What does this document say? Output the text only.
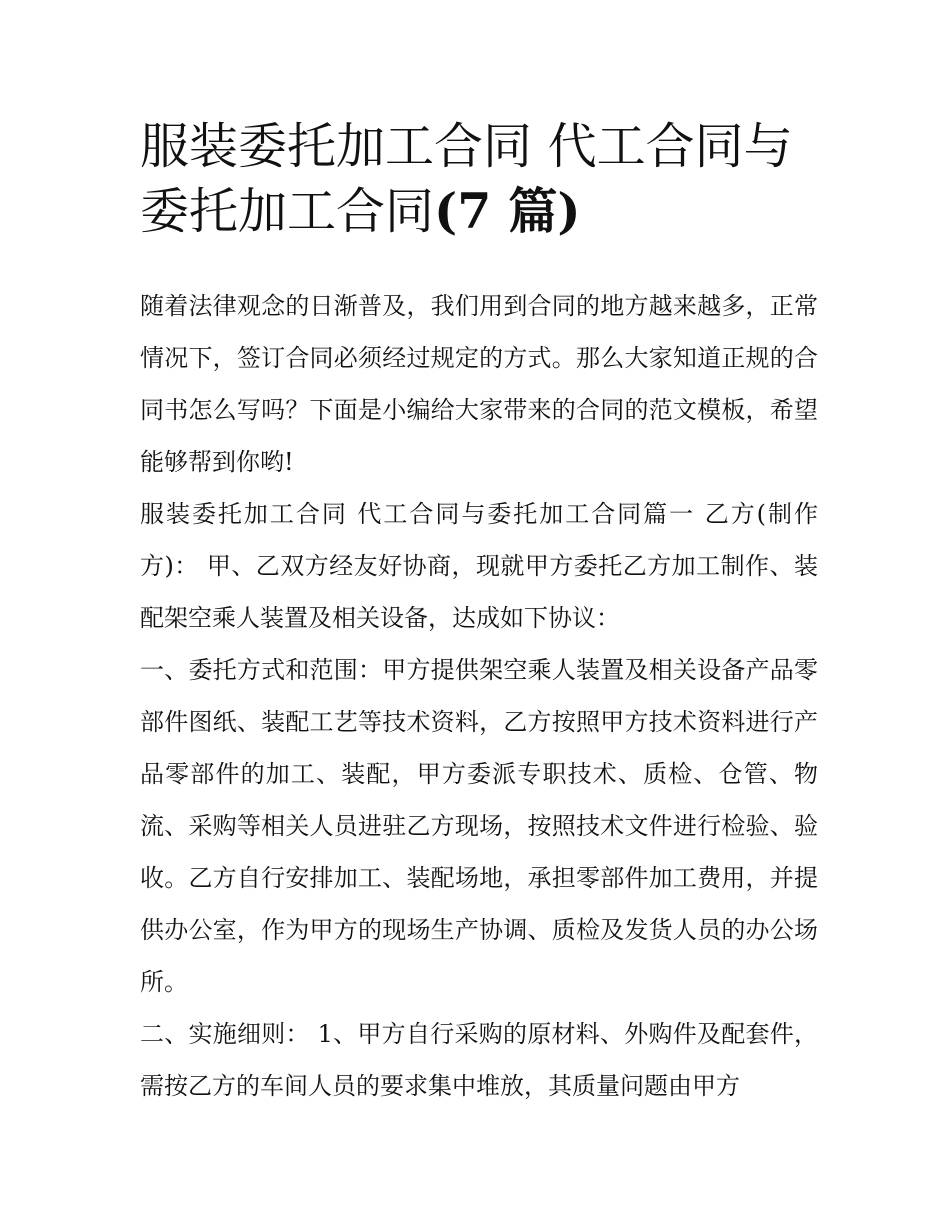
服装委托加工合同 代工合同与委托加工合同(7 篇)

随着法律观念的日渐普及，我们用到合同的地方越来越多，正常情况下，签订合同必须经过规定的方式。那么大家知道正规的合同书怎么写吗？下面是小编给大家带来的合同的范文模板，希望能够帮到你哟!

服装委托加工合同 代工合同与委托加工合同篇一 乙方(制作方)： 甲、乙双方经友好协商，现就甲方委托乙方加工制作、装配架空乘人装置及相关设备，达成如下协议：

一、委托方式和范围：甲方提供架空乘人装置及相关设备产品零部件图纸、装配工艺等技术资料，乙方按照甲方技术资料进行产品零部件的加工、装配，甲方委派专职技术、质检、仓管、物流、采购等相关人员进驻乙方现场，按照技术文件进行检验、验收。乙方自行安排加工、装配场地，承担零部件加工费用，并提供办公室，作为甲方的现场生产协调、质检及发货人员的办公场所。

二、实施细则： 1、甲方自行采购的原材料、外购件及配套件，需按乙方的车间人员的要求集中堆放，其质量问题由甲方
